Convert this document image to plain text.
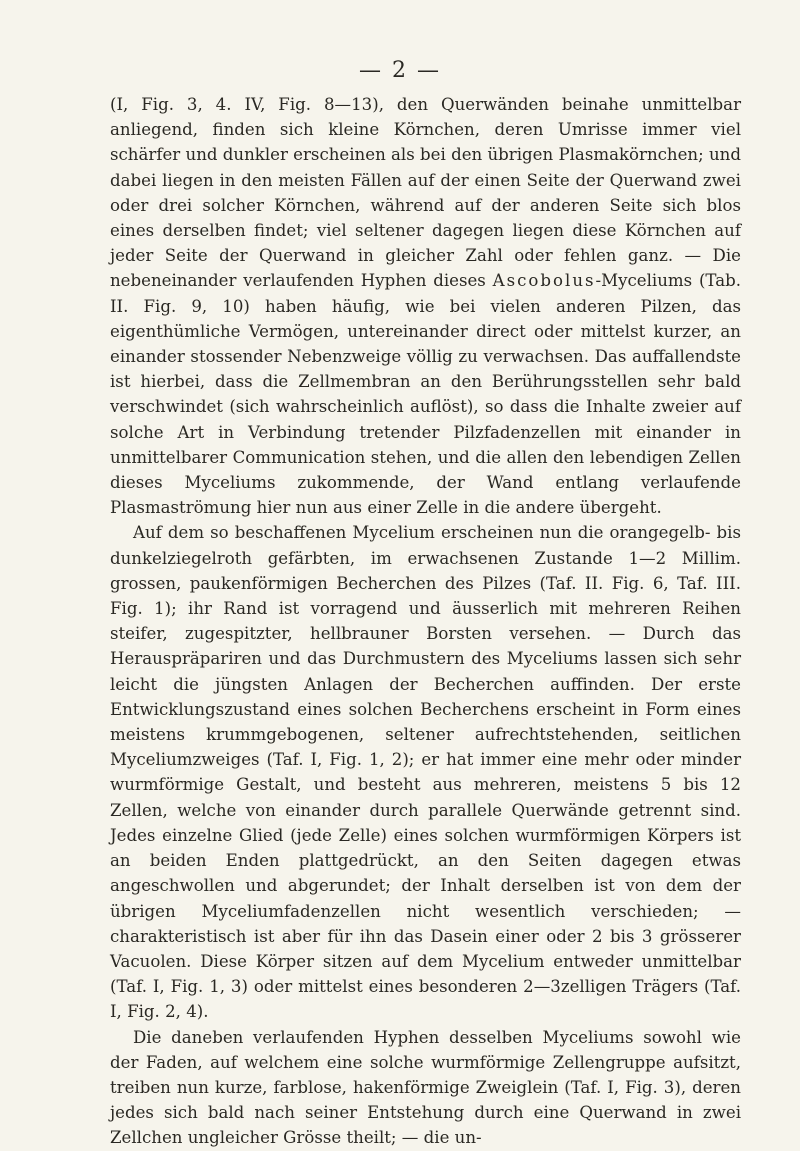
— 2 —

(I, Fig. 3, 4. IV, Fig. 8—13), den Querwänden beinahe unmittelbar anliegend, finden sich kleine Körnchen, deren Umrisse immer viel schärfer und dunkler erscheinen als bei den übrigen Plasmakörnchen; und dabei liegen in den meisten Fällen auf der einen Seite der Querwand zwei oder drei solcher Körnchen, während auf der anderen Seite sich blos eines derselben findet; viel seltener dagegen liegen diese Körnchen auf jeder Seite der Querwand in gleicher Zahl oder fehlen ganz. — Die nebeneinander verlaufenden Hyphen dieses Ascobolus-Myceliums (Tab. II. Fig. 9, 10) haben häufig, wie bei vielen anderen Pilzen, das eigenthümliche Vermögen, untereinander direct oder mittelst kurzer, an einander stossender Nebenzweige völlig zu verwachsen. Das auffallendste ist hierbei, dass die Zellmembran an den Berührungsstellen sehr bald verschwindet (sich wahrscheinlich auflöst), so dass die Inhalte zweier auf solche Art in Verbindung tretender Pilzfadenzellen mit einander in unmittelbarer Communication stehen, und die allen den lebendigen Zellen dieses Myceliums zukommende, der Wand entlang verlaufende Plasmaströmung hier nun aus einer Zelle in die andere übergeht.

Auf dem so beschaffenen Mycelium erscheinen nun die orangegelb- bis dunkelziegelroth gefärbten, im erwachsenen Zustande 1—2 Millim. grossen, paukenförmigen Becherchen des Pilzes (Taf. II. Fig. 6, Taf. III. Fig. 1); ihr Rand ist vorragend und äusserlich mit mehreren Reihen steifer, zugespitzter, hellbrauner Borsten versehen. — Durch das Herauspräpariren und das Durchmustern des Myceliums lassen sich sehr leicht die jüngsten Anlagen der Becherchen auffinden. Der erste Entwicklungszustand eines solchen Becherchens erscheint in Form eines meistens krummgebogenen, seltener aufrechtstehenden, seitlichen Myceliumzweiges (Taf. I, Fig. 1, 2); er hat immer eine mehr oder minder wurmförmige Gestalt, und besteht aus mehreren, meistens 5 bis 12 Zellen, welche von einander durch parallele Querwände getrennt sind. Jedes einzelne Glied (jede Zelle) eines solchen wurmförmigen Körpers ist an beiden Enden plattgedrückt, an den Seiten dagegen etwas angeschwollen und abgerundet; der Inhalt derselben ist von dem der übrigen Myceliumfadenzellen nicht wesentlich verschieden; — charakteristisch ist aber für ihn das Dasein einer oder 2 bis 3 grösserer Vacuolen. Diese Körper sitzen auf dem Mycelium entweder unmittelbar (Taf. I, Fig. 1, 3) oder mittelst eines besonderen 2—3zelligen Trägers (Taf. I, Fig. 2, 4).

Die daneben verlaufenden Hyphen desselben Myceliums sowohl wie der Faden, auf welchem eine solche wurmförmige Zellengruppe aufsitzt, treiben nun kurze, farblose, hakenförmige Zweiglein (Taf. I, Fig. 3), deren jedes sich bald nach seiner Entstehung durch eine Querwand in zwei Zellchen ungleicher Grösse theilt; — die un-
